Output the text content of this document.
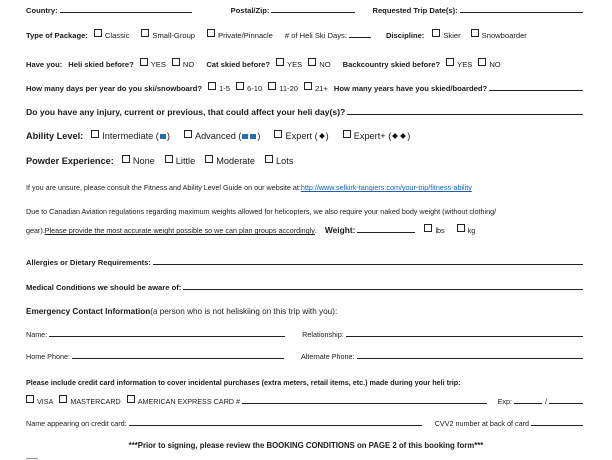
Country:	Postal/Zip:	Requested Trip Date(s):
Type of Package: Classic	Small-Group	Private/Pinnacle # of Heli Ski Days:	Discipline:	Skier	Snowboarder
Have you: Heli skied before? YES NO Cat skied before? YES NO Backcountry skied before? YES NO
How many days per year do you ski/snowboard? 1-5 6-10 11-20 21+ How many years have you skied/boarded?
Do you have any injury, current or previous, that could affect your heli day(s)?
Ability Level: Intermediate ( )	Advanced ( )	Expert ( )	Expert+ ( )
Powder Experience: None Little Moderate Lots
If you are unsure, please consult the Fitness and Ability Level Guide on our website at: http://www.selkirk-tangiers.com/your-trip/fitness-ability
Due to Canadian Aviation regulations regarding maximum weights allowed for helicopters, we also require your naked body weight (without clothing/
gear). Please provide the most accurate weight possible so we can plan groups accordingly . Weight:	lbs	kg
Allergies or Dietary Requirements:
Medical Conditions we should be aware of:
Emergency Contact Information (a person who is not heliskiing on this trip with you):
Name:	Relationship:
Home Phone:	Alternate Phone:
Please include credit card information to cover incidental purchases (extra meters, retail items, etc.) made during your heli trip:
VISA MASTERCARD AMERICAN EXPRESS CARD #	Exp:	/
Name appearing on credit card:	CVV2 number at back of card
***Prior to signing, please review the BOOKING CONDITIONS on PAGE 2 of this booking form***
